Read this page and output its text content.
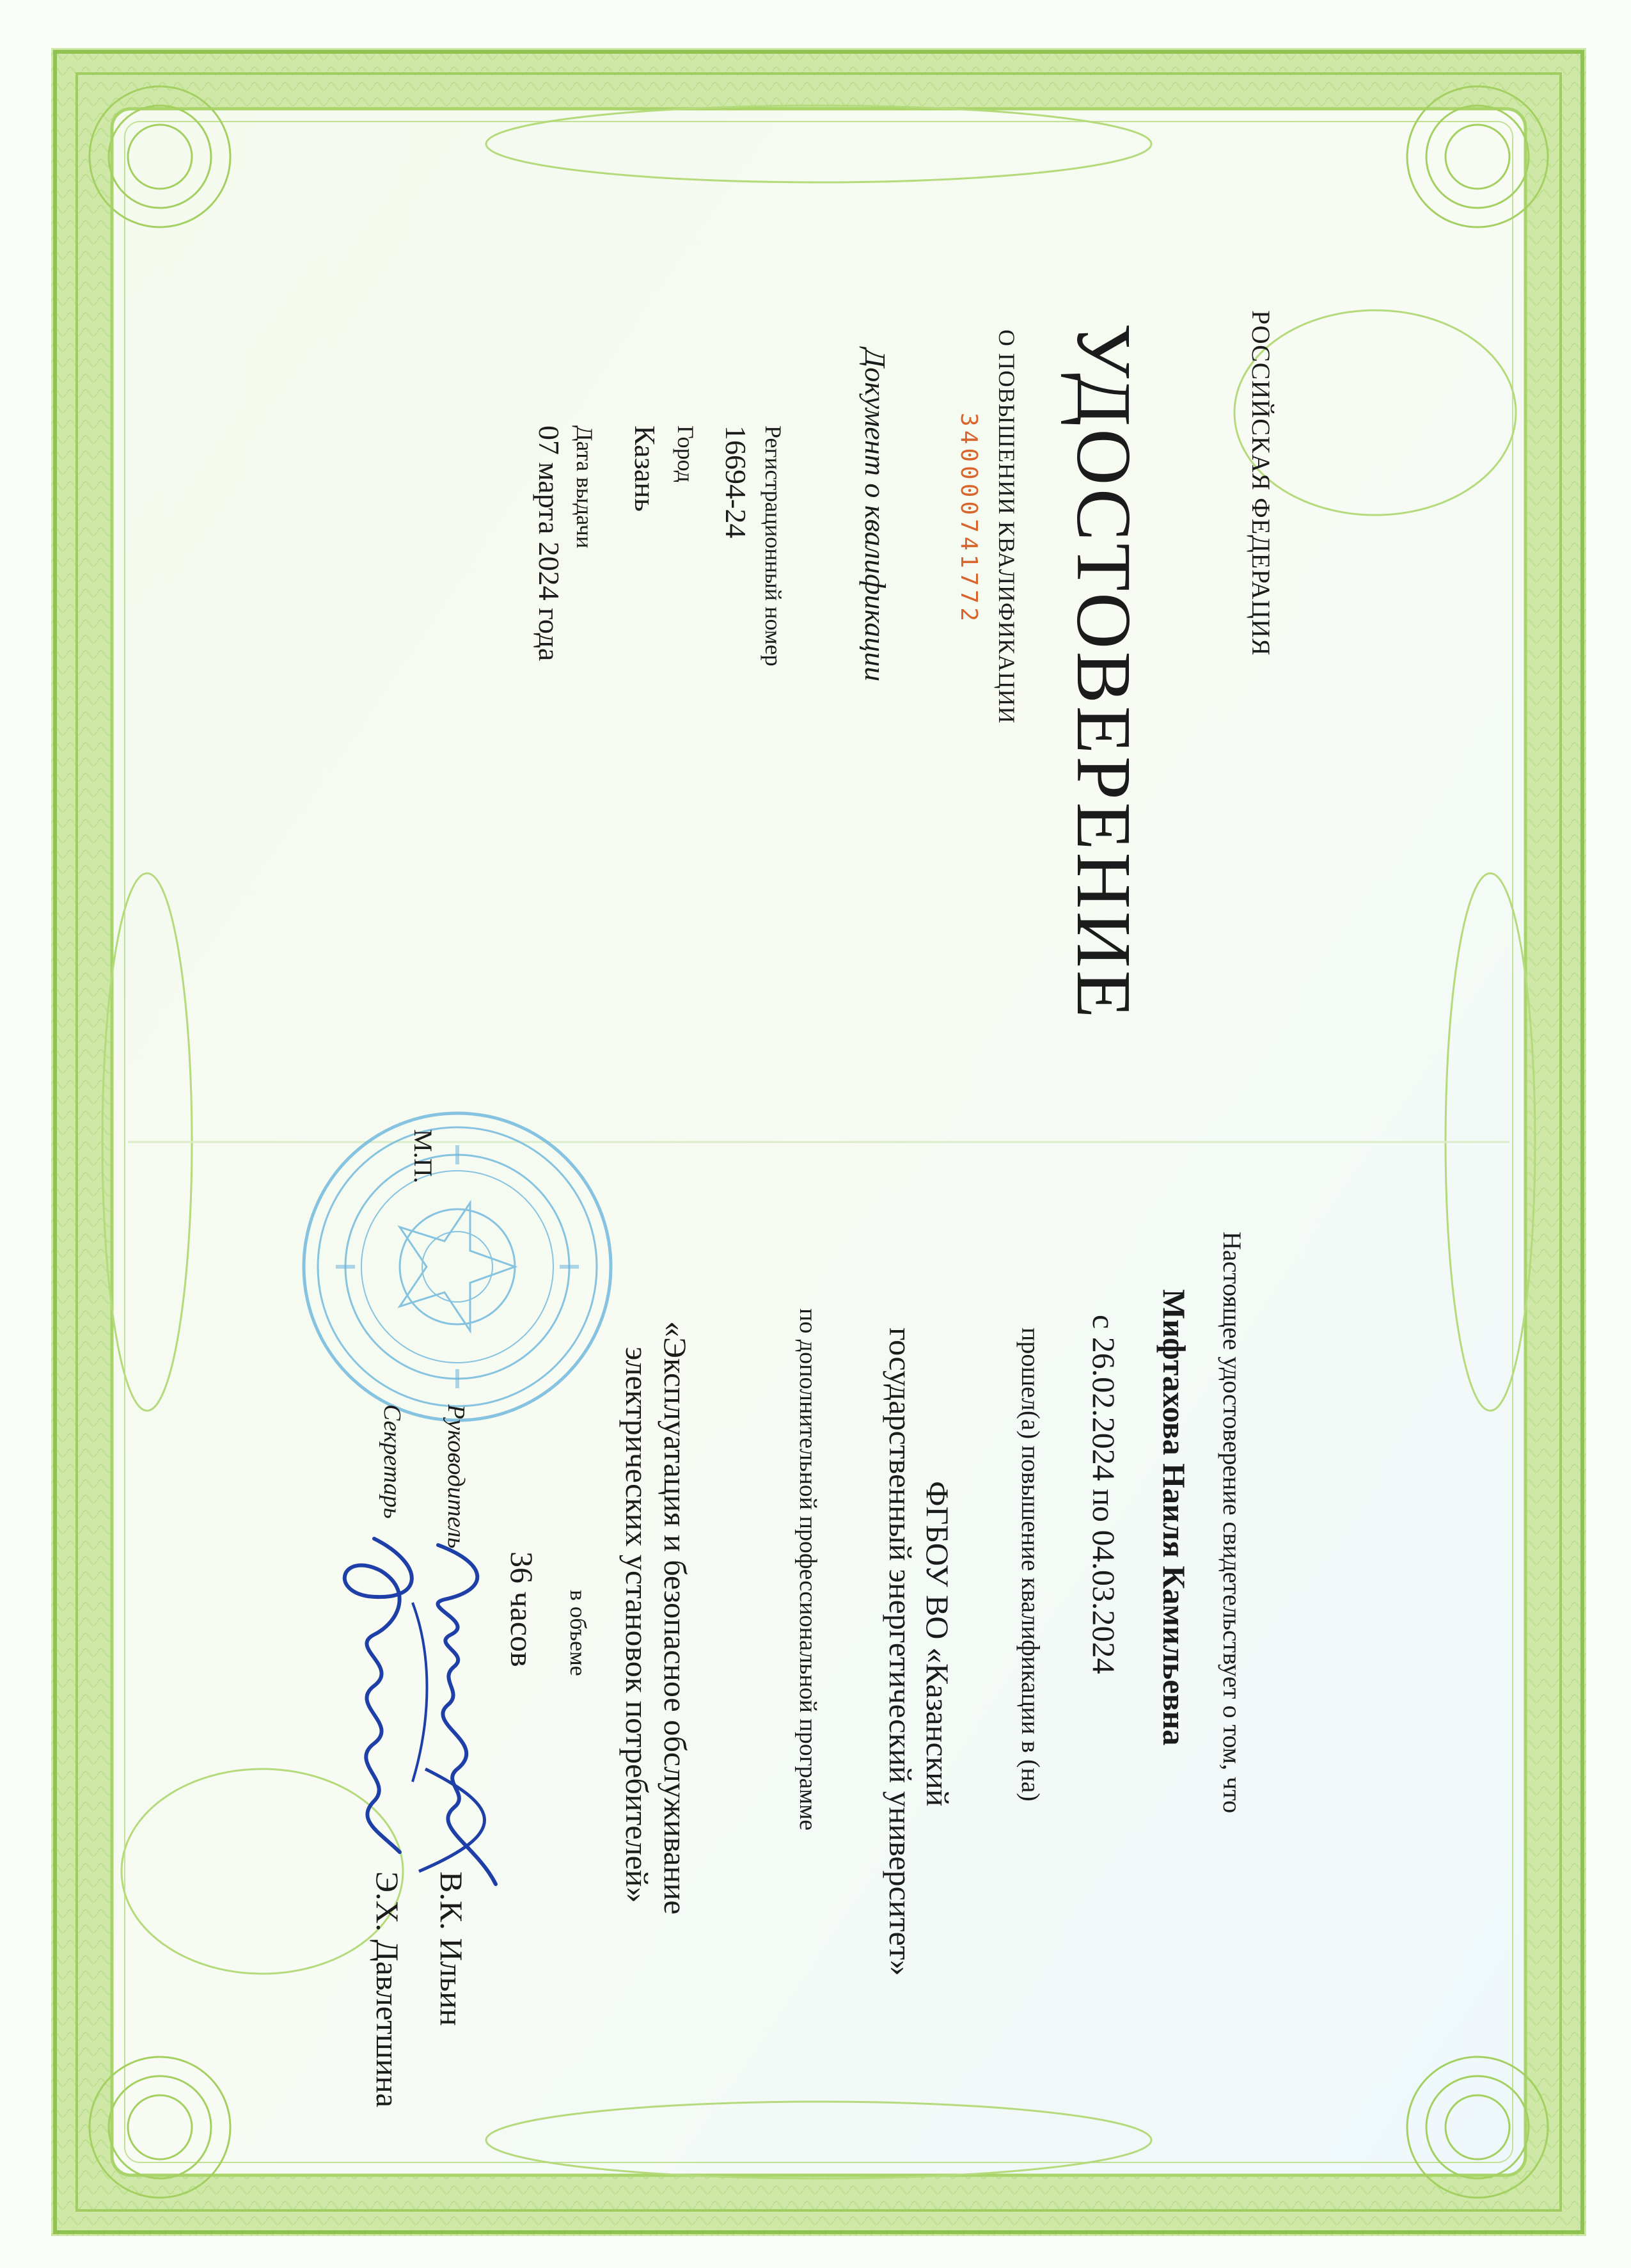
РОССИЙСКАЯ ФЕДЕРАЦИЯ
УДОСТОВЕРЕНИЕ
О ПОВЫШЕНИИ КВАЛИФИКАЦИИ
340000741772
Документ о квалификации
Регистрационный номер
16694-24
Город
Казань
Дата выдачи
07 марта 2024 года
Настоящее удостоверение свидетельствует о том, что
Мифтахова Наиля Камильевна
с 26.02.2024 по 04.03.2024
прошел(а) повышение квалификации в (на)
ФГБОУ ВО «Казанский
государственный энергетический университет»
по дополнительной профессиональной программе
«Эксплуатация и безопасное обслуживание
электрических установок потребителей»
в объеме
36 часов
М.П.
Руководитель
В.К. Ильин
Секретарь
Э.Х. Давлетшина
